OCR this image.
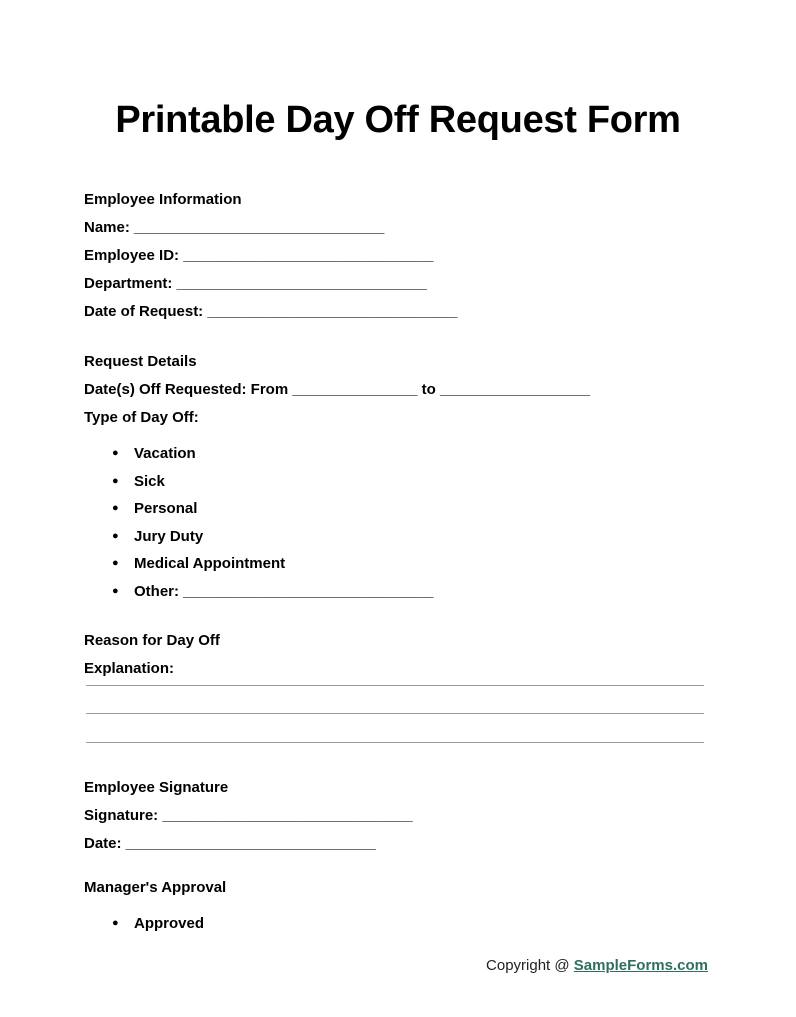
Printable Day Off Request Form
Employee Information
Name: ______________________________
Employee ID: ______________________________
Department: ______________________________
Date of Request: ______________________________
Request Details
Date(s) Off Requested: From _______________ to __________________
Type of Day Off:
● Vacation
● Sick
● Personal
● Jury Duty
● Medical Appointment
● Other: ______________________________
Reason for Day Off
Explanation:
Employee Signature
Signature: ______________________________
Date: ______________________________
Manager's Approval
● Approved
Copyright @ SampleForms.com
